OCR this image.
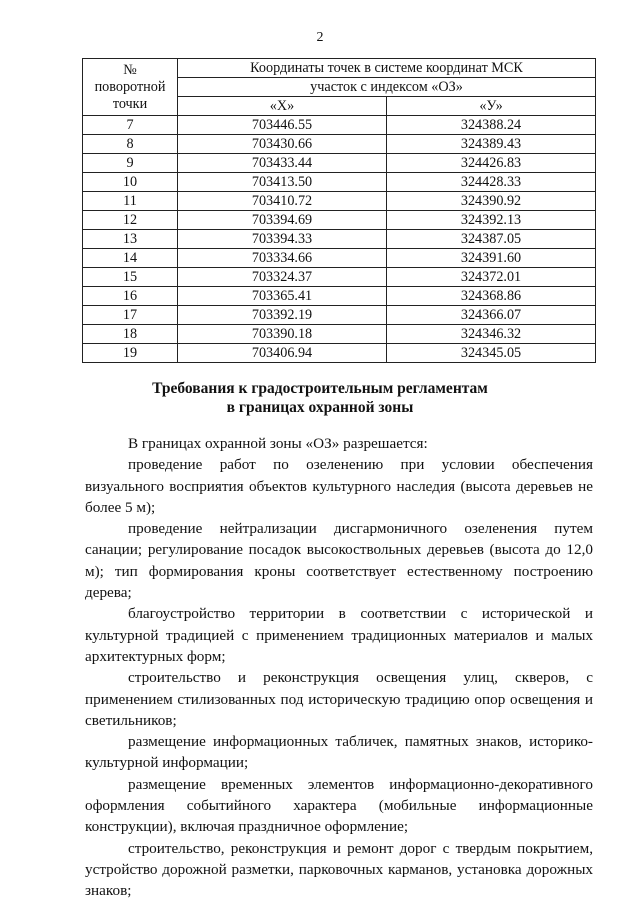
2
№
поворотной
точки	Координаты точек в системе координат МСК	
	участок с индексом «ОЗ»	
	«X»	«У»
7	703446.55	324388.24
8	703430.66	324389.43
9	703433.44	324426.83
10	703413.50	324428.33
11	703410.72	324390.92
12	703394.69	324392.13
13	703394.33	324387.05
14	703334.66	324391.60
15	703324.37	324372.01
16	703365.41	324368.86
17	703392.19	324366.07
18	703390.18	324346.32
19	703406.94	324345.05
Требования к градостроительным регламентам
в границах охранной зоны

В границах охранной зоны «ОЗ» разрешается:

проведение работ по озеленению при условии обеспечения визуального восприятия объектов культурного наследия (высота деревьев не более 5 м);

проведение нейтрализации дисгармоничного озеленения путем санации; регулирование посадок высокоствольных деревьев (высота до 12,0 м); тип формирования кроны соответствует естественному построению дерева;

благоустройство территории в соответствии с исторической и культурной традицией с применением традиционных материалов и малых архитектурных форм;

строительство и реконструкция освещения улиц, скверов, с применением стилизованных под историческую традицию опор освещения и светильников;

размещение информационных табличек, памятных знаков, историко-культурной информации;

размещение временных элементов информационно-декоративного оформления событийного характера (мобильные информационные конструкции), включая праздничное оформление;

строительство, реконструкция и ремонт дорог с твердым покрытием, устройство дорожной разметки, парковочных карманов, установка дорожных знаков;
